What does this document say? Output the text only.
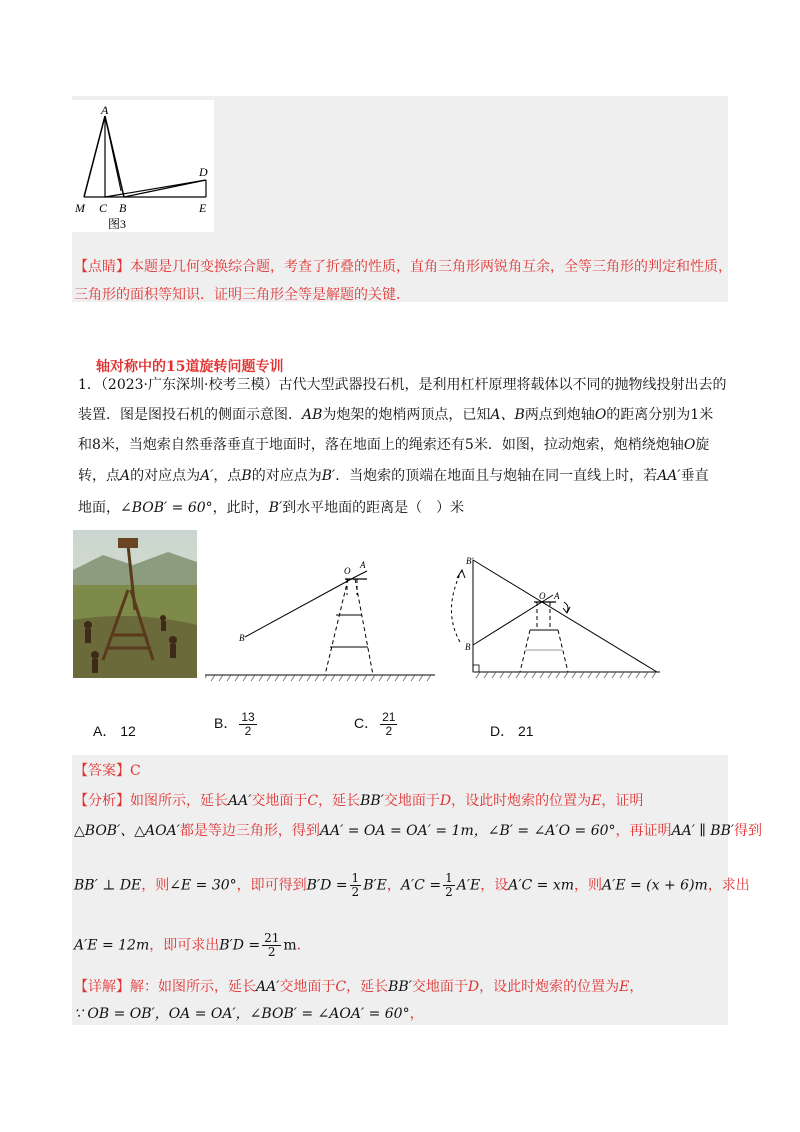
A
M C B
D
E
图3
【点睛】本题是几何变换综合题，考查了折叠的性质，直角三角形两锐角互余，全等三角形的判定和性质，
三角形的面积等知识．证明三角形全等是解题的关键．
轴对称中的15道旋转问题专训
1．（2023·广东深圳·校考三模）古代大型武器投石机，是利用杠杆原理将载体以不同的抛物线投射出去的
装置．图是图投石机的侧面示意图．AB为炮架的炮梢两顶点，已知A、B两点到炮轴O的距离分别为1米
和8米，当炮索自然垂落垂直于地面时，落在地面上的绳索还有5米．如图，拉动炮索，炮梢绕炮轴O旋
转，点A的对应点为A′，点B的对应点为B′．当炮索的顶端在地面且与炮轴在同一直线上时，若AA′垂直
地面，∠BOB′ = 60°，此时，B′到水平地面的距离是（　）米
O
A
B
B′
O A
B
A． 12	B． $\frac{13}{2}$	C． $\frac{21}{2}$	D． 21
【答案】C
【分析】如图所示，延长AA′交地面于C，延长BB′交地面于D，设此时炮索的位置为E，证明
△BOB′、△AOA′都是等边三角形，得到AA′ = OA = OA′ = 1m，∠B′ = ∠A′O = 60°，再证明AA′ ∥ BB′得到
BB′ ⊥ DE，则∠E = 30°，即可得到$B'D = \frac{1}{2} B'E$，$A'C = \frac{1}{2} A'E$，设A′C = xm，则A′E = (x + 6)m，求出
A′E = 12m，即可求出$B'D = \frac{21}{2}$ m．
【详解】解：如图所示，延长AA′交地面于C，延长BB′交地面于D，设此时炮索的位置为E，
∵ OB = OB′，OA = OA′，∠BOB′ = ∠AOA′ = 60°，
